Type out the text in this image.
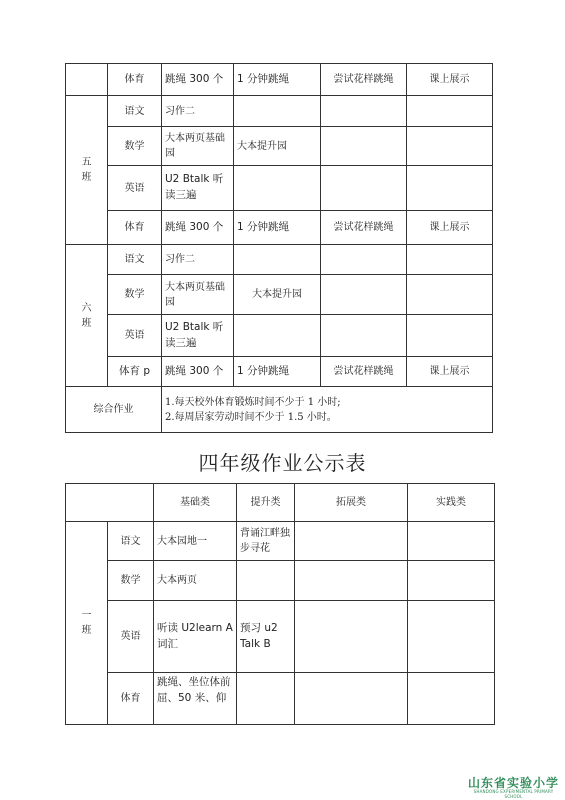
	体育	跳绳 300 个	1 分钟跳绳	尝试花样跳绳	课上展示
五
班	语文	习作二			
	数学	大本两页基础园	大本提升园		
	英语	U2 Btalk 听读三遍			
	体育	跳绳 300 个	1 分钟跳绳	尝试花样跳绳	课上展示
六
班	语文	习作二			
	数学	大本两页基础园	大本提升园		
	英语	U2 Btalk 听读三遍			
	体育 p	跳绳 300 个	1 分钟跳绳	尝试花样跳绳	课上展示
综合作业		1.每天校外体育锻炼时间不少于 1 小时;
2.每周居家劳动时间不少于 1.5 小时。			
四年级作业公示表
		基础类	提升类	拓展类	实践类
一
班	语文	大本园地一	背诵江畔独步寻花		
	数学	大本两页			
	英语	听读 U2learn A 词汇	预习 u2 Talk B		
	体育	跳绳、坐位体前屈、50 米、仰			
山东省实验小学
SHANDONG EXPERIMENTAL PRIMARY SCHOOL
